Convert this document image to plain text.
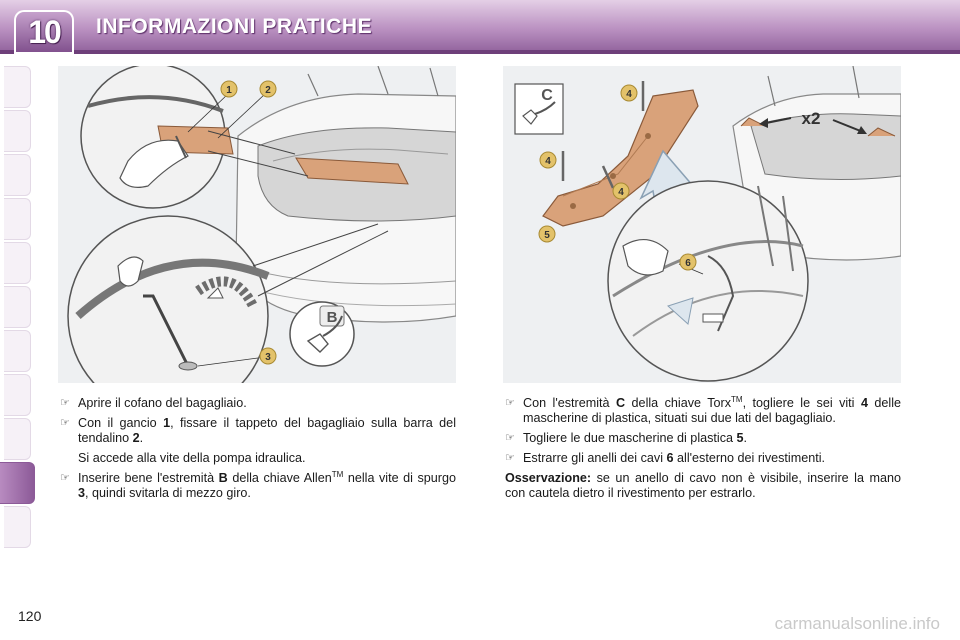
10 INFORMAZIONI PRATICHE
1	2
3
B
x2
C	4
4
4
5
6
☞ Aprire il cofano del bagagliaio.
☞ Con il gancio 1, fissare il tappeto del bagagliaio sulla barra del tendalino 2.
Si accede alla vite della pompa idraulica.
☞ Inserire bene l'estremità B della chiave Allen™ nella vite di spurgo 3, quindi svitarla di mezzo giro.
☞ Con l'estremità C della chiave Torx™, togliere le sei viti 4 delle mascherine di plastica, situati sui due lati del bagagliaio.
☞ Togliere le due mascherine di plastica 5.
☞ Estrarre gli anelli dei cavi 6 all'esterno dei rivestimenti.
Osservazione: se un anello di cavo non è visibile, inserire la mano con cautela dietro il rivestimento per estrarlo.
120	carmanualsonline.info
